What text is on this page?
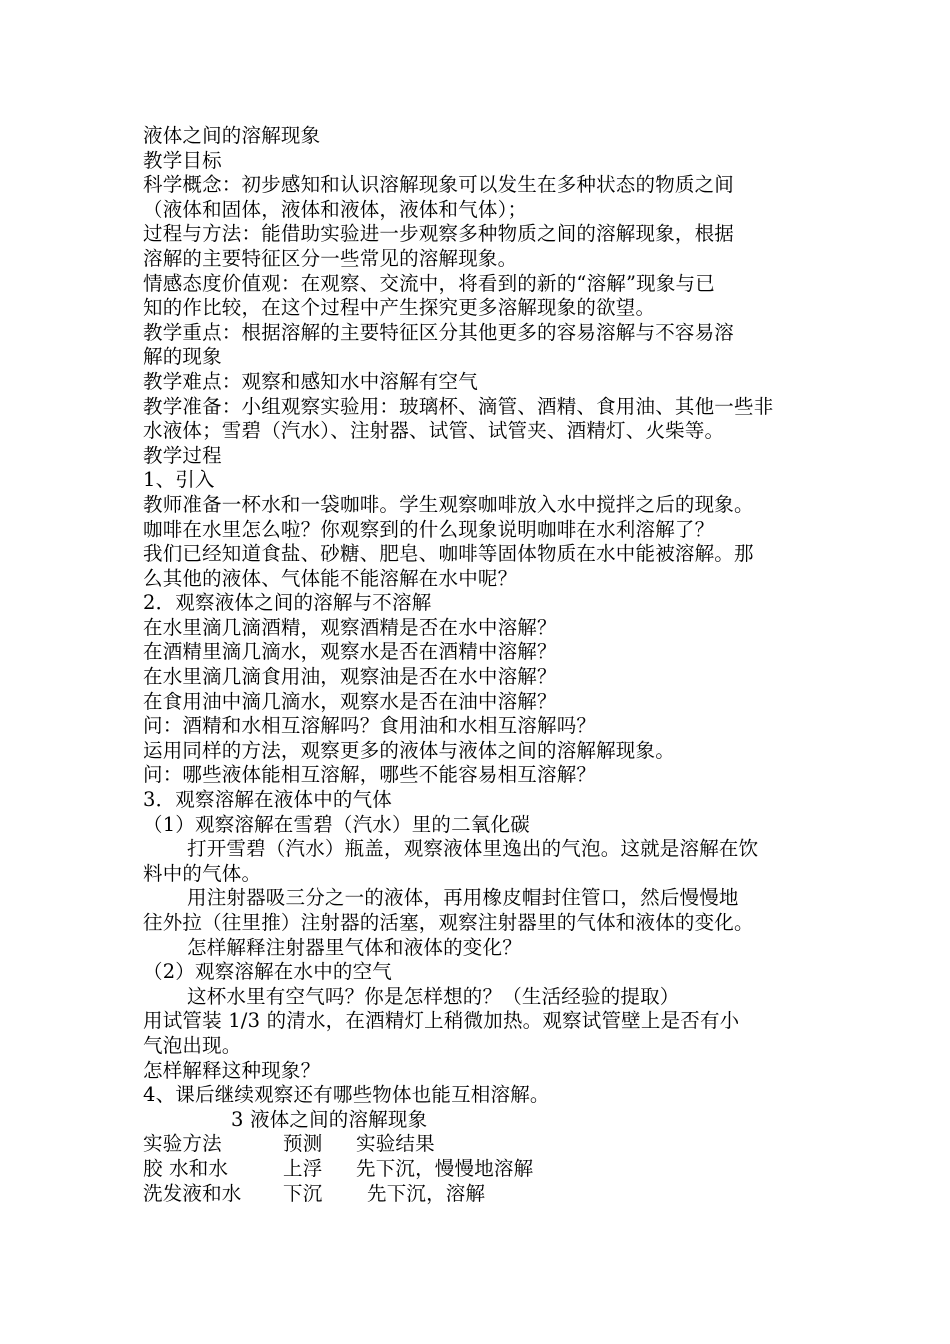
液体之间的溶解现象
教学目标
科学概念：初步感知和认识溶解现象可以发生在多种状态的物质之间
（液体和固体，液体和液体，液体和气体）；
过程与方法：能借助实验进一步观察多种物质之间的溶解现象，根据
溶解的主要特征区分一些常见的溶解现象。
情感态度价值观：在观察、交流中，将看到的新的“溶解”现象与已
知的作比较，在这个过程中产生探究更多溶解现象的欲望。
教学重点：根据溶解的主要特征区分其他更多的容易溶解与不容易溶
解的现象
教学难点：观察和感知水中溶解有空气
教学准备：小组观察实验用：玻璃杯、滴管、酒精、食用油、其他一些非
水液体；雪碧（汽水）、注射器、试管、试管夹、酒精灯、火柴等。
教学过程
1、引入
教师准备一杯水和一袋咖啡。学生观察咖啡放入水中搅拌之后的现象。
咖啡在水里怎么啦？你观察到的什么现象说明咖啡在水利溶解了？
我们已经知道食盐、砂糖、肥皂、咖啡等固体物质在水中能被溶解。那
么其他的液体、气体能不能溶解在水中呢？
2．观察液体之间的溶解与不溶解
在水里滴几滴酒精，观察酒精是否在水中溶解？
在酒精里滴几滴水，观察水是否在酒精中溶解？
在水里滴几滴食用油，观察油是否在水中溶解？
在食用油中滴几滴水，观察水是否在油中溶解？
问：酒精和水相互溶解吗？食用油和水相互溶解吗？
运用同样的方法，观察更多的液体与液体之间的溶解解现象。
问：哪些液体能相互溶解，哪些不能容易相互溶解？
3．观察溶解在液体中的气体
（1）观察溶解在雪碧（汽水）里的二氧化碳
打开雪碧（汽水）瓶盖，观察液体里逸出的气泡。这就是溶解在饮
料中的气体。
用注射器吸三分之一的液体，再用橡皮帽封住管口，然后慢慢地
往外拉（往里推）注射器的活塞，观察注射器里的气体和液体的变化。
怎样解释注射器里气体和液体的变化？
（2）观察溶解在水中的空气
这杯水里有空气吗？你是怎样想的？（生活经验的提取）
用试管装 1/3 的清水，在酒精灯上稍微加热。观察试管壁上是否有小
气泡出现。
怎样解释这种现象？
4、课后继续观察还有哪些物体也能互相溶解。
3 液体之间的溶解现象
实验方法	预测	实验结果
胶 水和水	上浮	先下沉，慢慢地溶解
洗发液和水	下沉	先下沉，溶解
